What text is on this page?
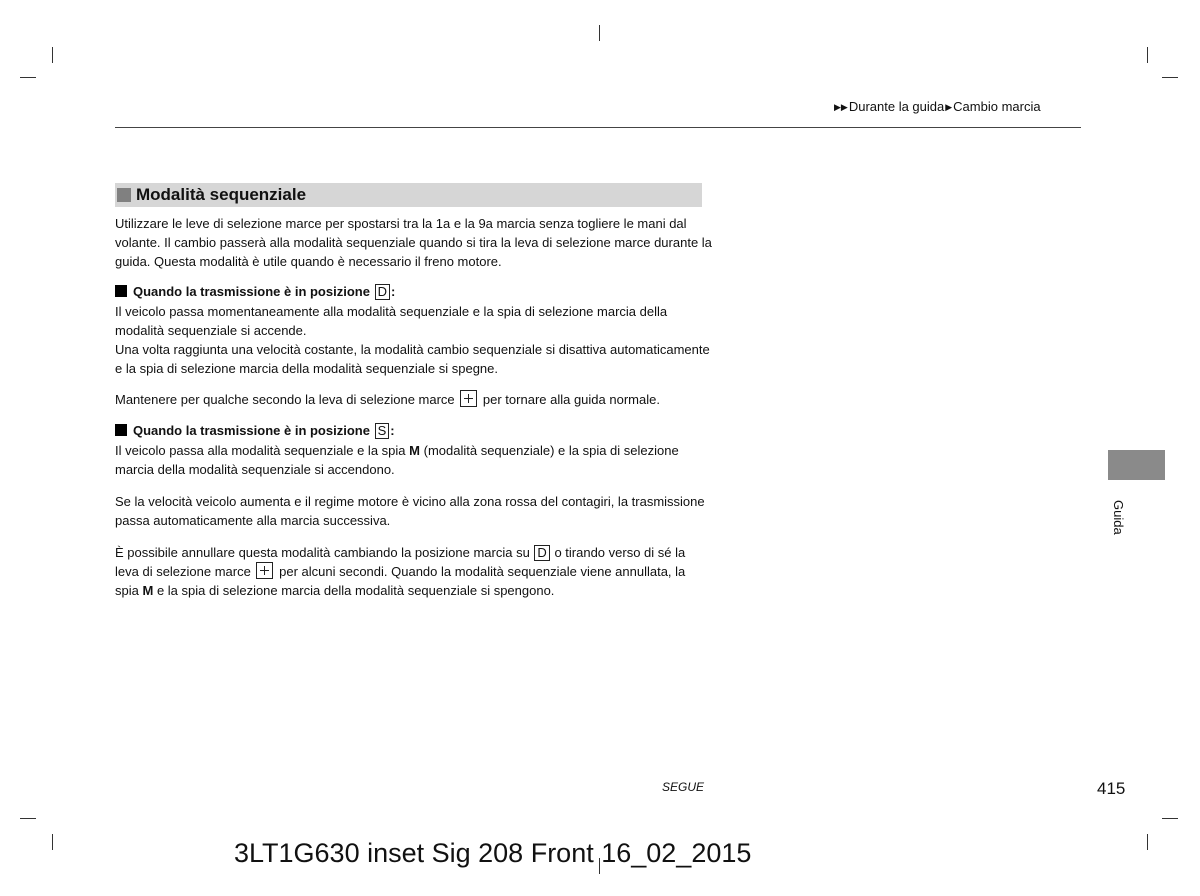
▶▶Durante la guida▶Cambio marcia
Modalità sequenziale

Utilizzare le leve di selezione marce per spostarsi tra la 1a e la 9a marcia senza togliere le mani dal volante. Il cambio passerà alla modalità sequenziale quando si tira la leva di selezione marce durante la guida. Questa modalità è utile quando è necessario il freno motore.

Quando la trasmissione è in posizione D :

Il veicolo passa momentaneamente alla modalità sequenziale e la spia di selezione marcia della modalità sequenziale si accende.

Una volta raggiunta una velocità costante, la modalità cambio sequenziale si disattiva automaticamente e la spia di selezione marcia della modalità sequenziale si spegne.

Mantenere per qualche secondo la leva di selezione marce per tornare alla guida normale.
Quando la trasmissione è in posizione S :

Il veicolo passa alla modalità sequenziale e la spia M (modalità sequenziale) e la spia di selezione marcia della modalità sequenziale si accendono.

Se la velocità veicolo aumenta e il regime motore è vicino alla zona rossa del contagiri, la trasmissione passa automaticamente alla marcia successiva.

È possibile annullare questa modalità cambiando la posizione marcia su D o tirando verso di sé la leva di selezione marce per alcuni secondi. Quando la modalità sequenziale viene annullata, la spia M e la spia di selezione marcia della modalità sequenziale si spengono.

Guida
SEGUE	415
3LT1G630 inset Sig 208 Front 16_02_2015
